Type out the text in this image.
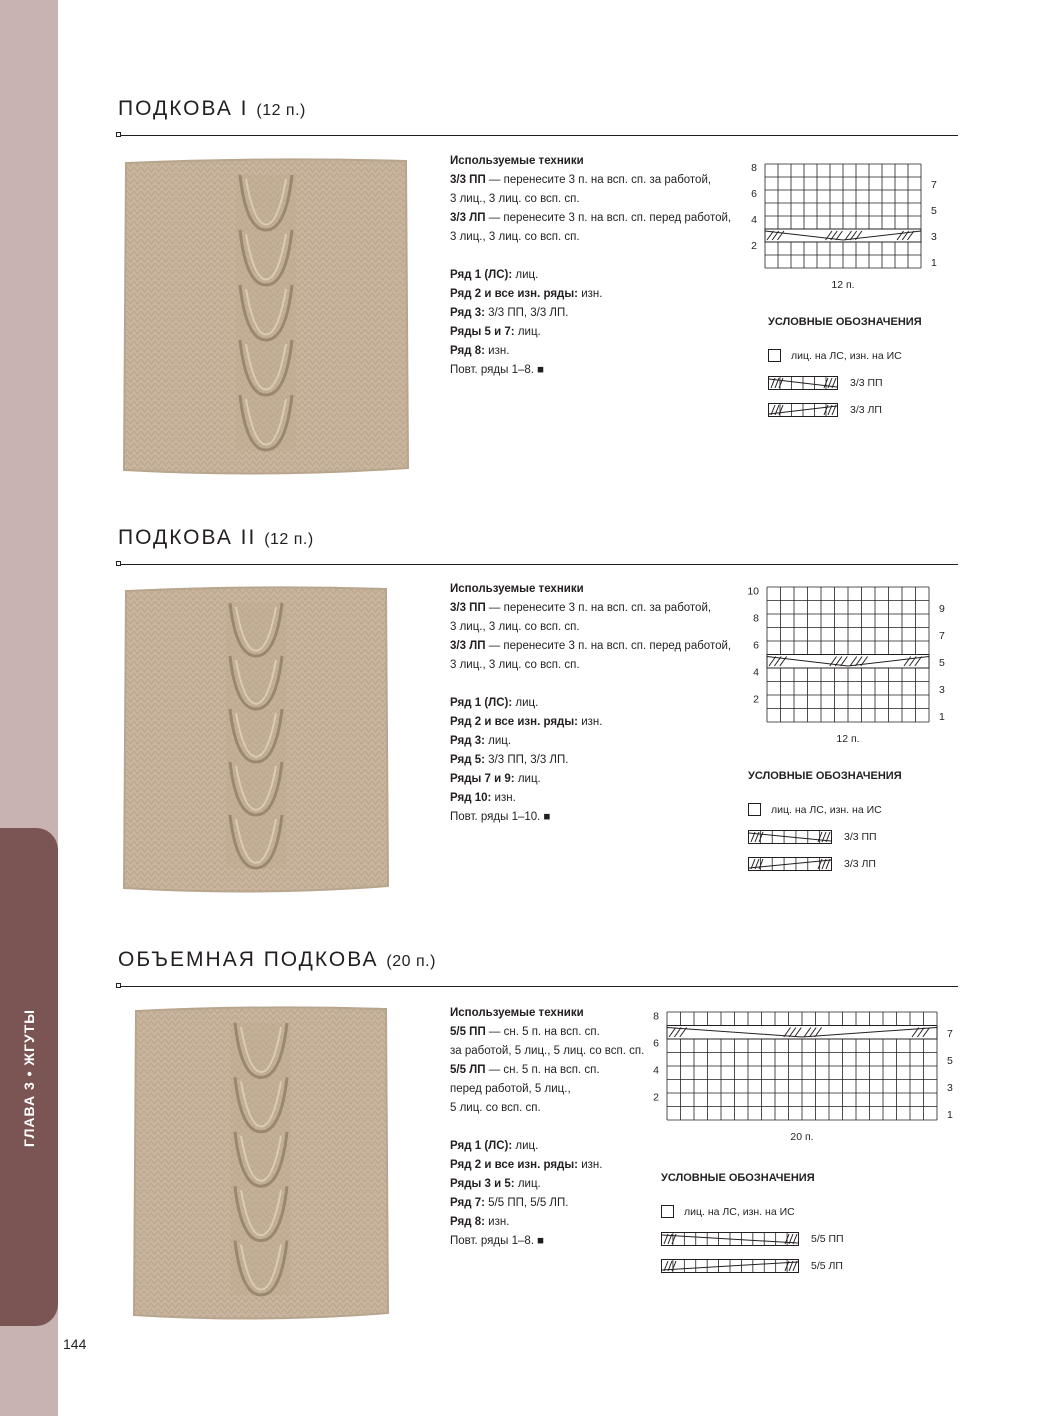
ГЛАВА 3 • ЖГУТЫ
ПОДКОВА I (12 п.)

Используемые техники

3/3 ПП — перенесите 3 п. на всп. сп. за работой,

3 лиц., 3 лиц. со всп. сп.

3/3 ЛП — перенесите 3 п. на всп. сп. перед работой,

3 лиц., 3 лиц. со всп. сп.

Ряд 1 (ЛС): лиц.

Ряд 2 и все изн. ряды: изн.

Ряд 3: 3/3 ПП, 3/3 ЛП.

Ряды 5 и 7: лиц.

Ряд 8: изн.

Повт. ряды 1–8. ■

8
6
4
2
7
5
3
1
12 п.
УСЛОВНЫЕ ОБОЗНАЧЕНИЯ
лиц. на ЛС, изн. на ИС
3/3 ПП
3/3 ЛП
ПОДКОВА II (12 п.)

Используемые техники

3/3 ПП — перенесите 3 п. на всп. сп. за работой,

3 лиц., 3 лиц. со всп. сп.

3/3 ЛП — перенесите 3 п. на всп. сп. перед работой,

3 лиц., 3 лиц. со всп. сп.

Ряд 1 (ЛС): лиц.

Ряд 2 и все изн. ряды: изн.

Ряд 3: лиц.

Ряд 5: 3/3 ПП, 3/3 ЛП.

Ряды 7 и 9: лиц.

Ряд 10: изн.

Повт. ряды 1–10. ■

10
8
6
4
2
9
7
5
3
1
12 п.
УСЛОВНЫЕ ОБОЗНАЧЕНИЯ
лиц. на ЛС, изн. на ИС
3/3 ПП
3/3 ЛП
ОБЪЕМНАЯ ПОДКОВА (20 п.)

Используемые техники

5/5 ПП — сн. 5 п. на всп. сп.

за работой, 5 лиц., 5 лиц. со всп. сп.

5/5 ЛП — сн. 5 п. на всп. сп.

перед работой, 5 лиц.,

5 лиц. со всп. сп.

Ряд 1 (ЛС): лиц.

Ряд 2 и все изн. ряды: изн.

Ряды 3 и 5: лиц.

Ряд 7: 5/5 ПП, 5/5 ЛП.

Ряд 8: изн.

Повт. ряды 1–8. ■

8
6
4
2
7
5
3
1
20 п.
УСЛОВНЫЕ ОБОЗНАЧЕНИЯ
лиц. на ЛС, изн. на ИС
5/5 ПП
5/5 ЛП
144
